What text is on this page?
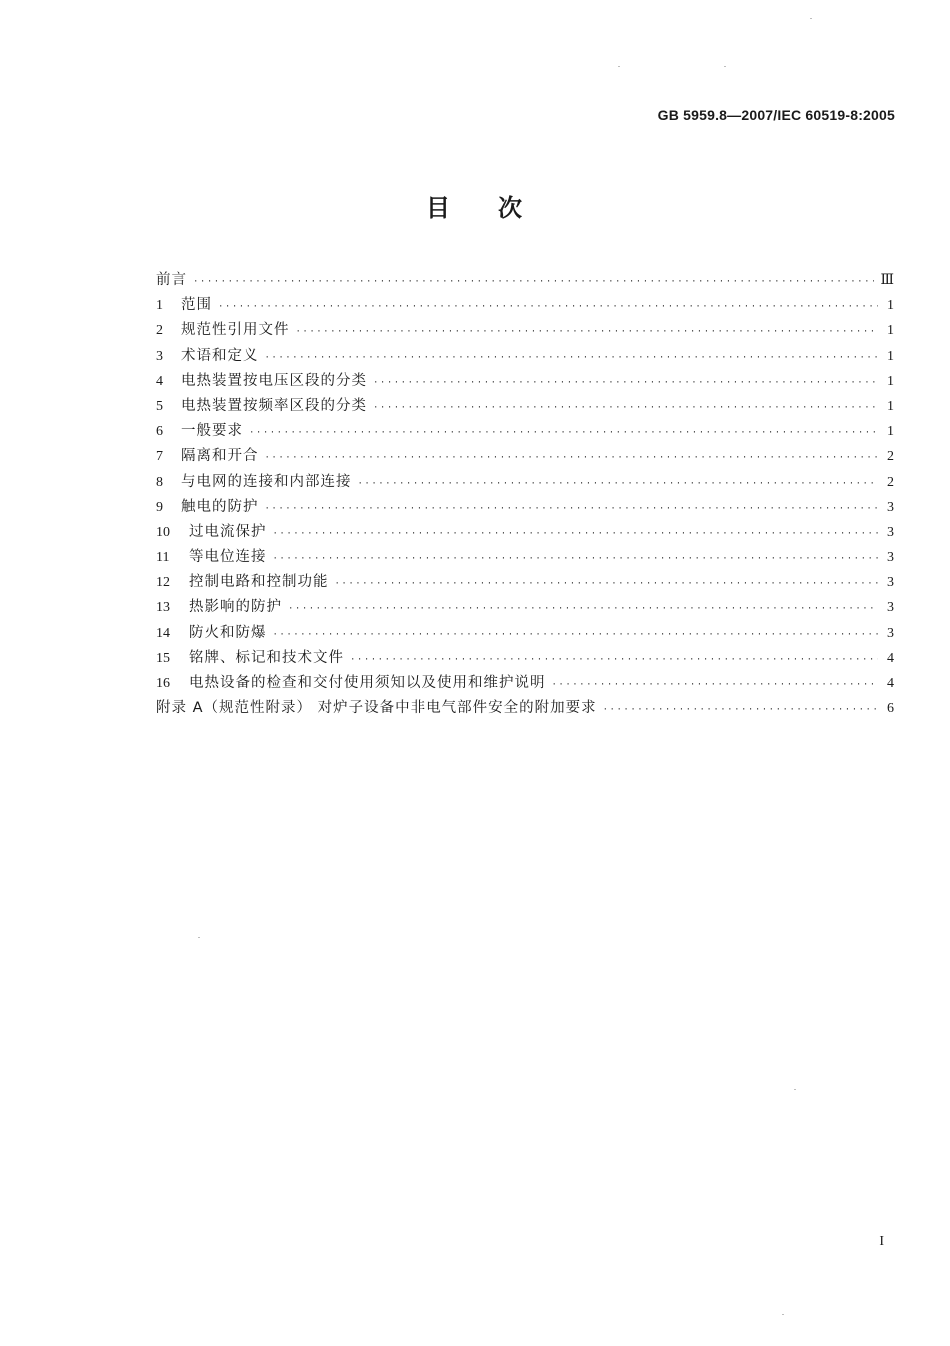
GB 5959.8—2007/IEC 60519-8:2005
目 次
前言 ·····	Ⅲ
1	范围 ·····	1
2	规范性引用文件 ·····	1
3	术语和定义 ·····	1
4	电热装置按电压区段的分类 ·····	1
5	电热装置按频率区段的分类 ·····	1
6	一般要求 ·····	1
7	隔离和开合 ·····	2
8	与电网的连接和内部连接 ·····	2
9	触电的防护 ·····	3
10	过电流保护 ·····	3
11	等电位连接 ·····	3
12	控制电路和控制功能 ·····	3
13	热影响的防护 ·····	3
14	防火和防爆 ·····	3
15	铭牌、标记和技术文件 ·····	4
16	电热设备的检查和交付使用须知以及使用和维护说明 ·····	4
附录 A（规范性附录） 对炉子设备中非电气部件安全的附加要求 ·····	6
I
